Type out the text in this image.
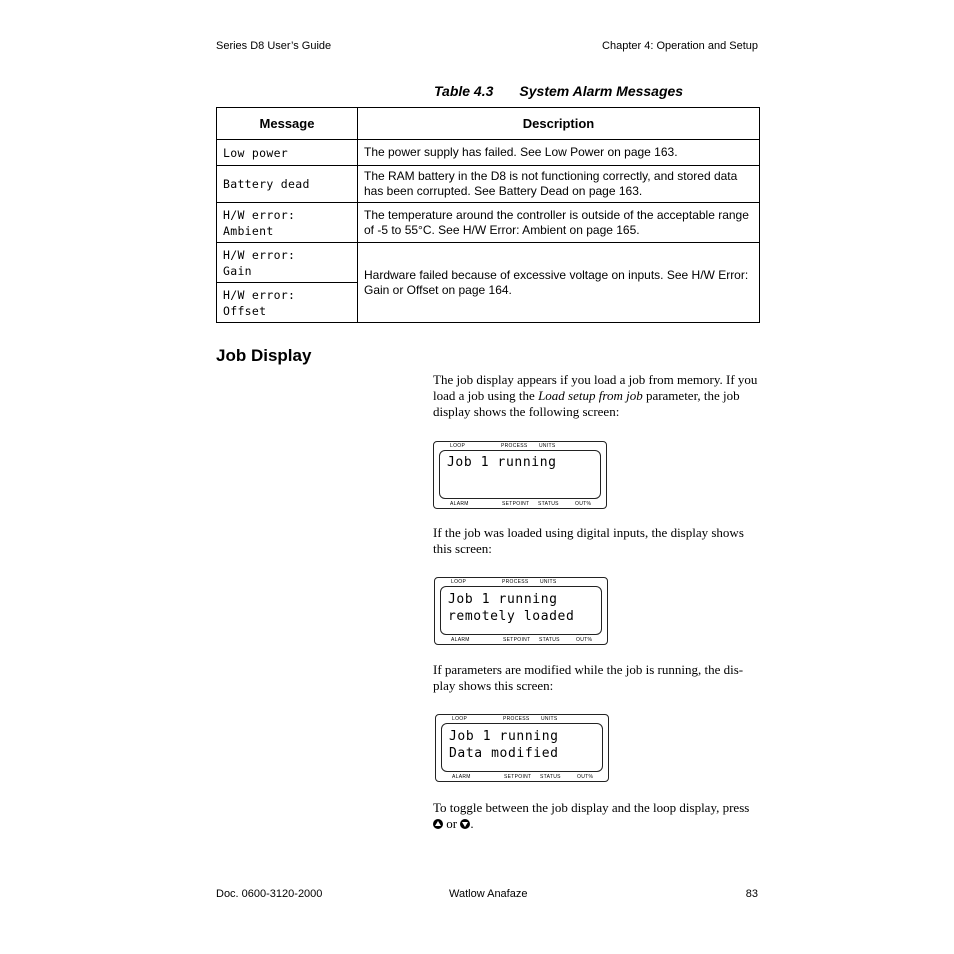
Series D8 User’s Guide	Chapter 4: Operation and Setup
Table 4.3 System Alarm Messages
Message	Description
Low power	The power supply has failed. See Low Power on page 163.
Battery dead	The RAM battery in the D8 is not functioning correctly, and stored data has been corrupted. See Battery Dead on page 163.
H/W error:
Ambient	The temperature around the controller is outside of the acceptable range of -5 to 55°C. See H/W Error: Ambient on page 165.
H/W error:
Gain	Hardware failed because of excessive voltage on inputs. See H/W Error: Gain or Offset on page 164.
H/W error:
Offset	
Job Display
The job display appears if you load a job from memory. If you load a job using the Load setup from job parameter, the job display shows the following screen:
LOOP	PROCESS UNITS
Job 1 running
ALARM	SETPOINT STATUS	OUT%
If the job was loaded using digital inputs, the display shows this screen:
LOOP	PROCESS UNITS
Job 1 running
remotely loaded
ALARM	SETPOINT STATUS	OUT%
If parameters are modified while the job is running, the dis-play shows this screen:
LOOP	PROCESS UNITS
Job 1 running
Data modified
ALARM	SETPOINT STATUS	OUT%
To toggle between the job display and the loop display, press
or .
Doc. 0600-3120-2000	Watlow Anafaze	83
